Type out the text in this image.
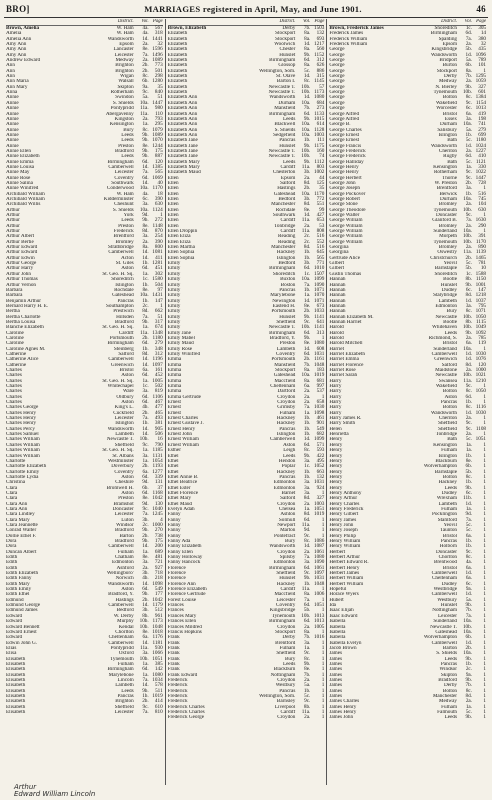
BRO]	MARRIAGES registered in April, May, and June 1901.	46
District.	Vol. Page
Brown, Amelia	W. Ham	4a.	567
Amelia	W. Ham	4a.	318
Amelia Ann	Wandsworth	1d. 1441
Amy Ann	Epsom	2a.	32
Amy Ann	Lancaster	8e. 1596
Amy Ann	Leicester	7a. 1496
Andrew Edward	Medway	2a. 1089
Ann	Brighton	2b.	773
Ann	Brighton	2b.	501
Ann	Wigan	8c.	298
Ann Maria	Walsall	6b. 1280
Ann Mary	Skipton	9a.	35
Anna	Rotherham	9c.	840
Annie	Swindon	5a.	51
Annie	S. Shields	10a. 1447
Annie	Pontypridd	11a.	980
Annie	Abergavenny	11a.	110
Annie	Kingston	2a.	793
Annie	Kensington	1a.	295
Annie	Bury	8c. 1079
Annie	Leeds	9b. 1089
Annie	Leeds	9b. 1070
Annie	Preston	8e. 1244
Annie Ellen	Bradford	9b.	175
Annie Elizabeth	Leeds	9b.	887
Annie Emma	Birmingham	6d.	120
Annie Louisa	Camberwell	1d. 1385
Annie May	Leicester	7a.	565
Annie Rose	Coventry	6d. 1069
Annie Salina	Southwark	1d.	40
Annie Winifred	Conderwood	10a. 1170
Archibald William	W. Ham	4a.	18
Archibald William	Kidderminster	6c.	390
Archibald Willis	Cheshunt	3a.	630
Arthur	S. Shields	10a. 1124
Arthur	York	9d.	1
Arthur	Leeds	9b.	272
Arthur	Preston	8e. 1148
Arthur	Frederick	8d.	870
Arthur Albert	Brentford	3a.	254
Arthur Bertie	Bromley	2a.	390
Arthur Edward	Strathbridge	8a.	800
Arthur Edward	Camberwell	1d. 1081
Arthur Edwin	Acton	1d.	411
Arthur George	St. Giles	1b. 1281
Arthur Harry	Aston	6d.	451
Arthur John	St. Geo. H. Sq.	1a.	302
Arthur Thomas	Shoreditch	1c. 1580
Arthur Vernon	Islington	1b.	504
Barbara	Rochdale	8e.	97
Barbara	Gateshead	10a. 1431
Benjamin Arthur	Pancras	1b.	147
Bernard Harry H. E.	Southampton	2c.	1
Bertha	Prestwich	8d.	662
Bertha Charlotte	Hillsden	7a.	51
Bertha Louisa	Bradford	9b.	317
Blanche Elizabeth	St. Geo. H. Sq.	1a.	674
Caroline	Cardiff	11a. 1348
Caroline	Portsmouth	2b. 1180
Caroline	Birmingham	6d.	279
Caroline Agnes M.	Steinberg	1b.	348
Catherine	Salford	8d.	312
Catherine Alice	Camberwell	1d. 1196
Catherine	Greenwich	1d. 1097
Charles	Bristol	6a.	161
Charles	Aston	6d.	452
Charles	St. Geo. H. Sq.	1a. 1005
Charles	Whitechapel	1c.	502
Charles	Ware	3a.	819
Charles	Oldbury	6d. 1106
Charles	Aston	6d.	467
Charles George	King's L.	4b.	477
Charles Henry	Cuckfield	2b.	465
Charles Henry	Leicester	7a.	493
Charles Henry	Islington	1b.	381
Charles Percy	Wandsworth	1d.	905
Charles Samuel	Lambeth	1d.	506
Charles William	Newcastle T.	10b.	16
Charles William	Sheffield	9c.	790
Charles William	St. Geo. H. Sq.	1a. 1185
Charles William	St. Albans	3a. 1131
Charlotte	Westminster	1a. 1054
Charlotte Elizabeth	Doverbury	2b. 1193
Charlotte Emily	Coventry	6a. 1277
Charlotte Lydia	Aston	6d.	339
Christina	Cheshire	9d.	131
Clara	Bromwell H.	6b.	37
Clara	Aston	6d. 1168
Clara	Preston	8e. 1042
Clara Ann	Bramshot	9d.	130
Clara Ann	Doncaster	9c. 1040
Clara Lindley	Leicester	7a. 1245
Clara Mary	Luton	3b.	4
Clara Jeannette	Windsor	2c. 1000
Conrad Walter	Bradford	9b.	270
Dollie Ethel F.	Barton	2b.	738
Dora	Bradford	9b.	175
Dora	Camberwell	1d.	200
Duncan Albert	Fulham	1a.	689
Edith	Chatham	8e.	481
Edith	Edmonton	3a.	721
Edith	Ashford	2a.	927
Edith Elizabeth	Wellingboro'	3b.	718
Edith Fanny	Norwich	4b.	218
Edith Mary	Wandsworth	1d. 1098
Edith Emily	Aston	6d.	549
Edith Ethel	Bradford, Y.	9b.	177
Edmund	Hastings	2b. 1042
Edmund George	Camberwell	1d. 1179
Edmund James	Bedford	3b.	512
Edward	W. Derby	8b.	961
Edward	Murphy	10b. 1173
Edward Bennett	Kendal	10b. 1048
Edward Ernest	Chorlton	8e. 1018
Edward	Cheltenham	6a. 1176
Edwin John G.	Camberwell	1d. 1181
Elias	Pontypridd	11a.	930
Elisa	Oxford	3a. 1066
Elisabeth	Tynemouth	10b. 1051
Elisabeth	Fulham	1a.	385
Elisabeth	Birmingham	6d.	142
Elisabeth	Marylebone	1a. 1080
Elisabeth	Lincoln	7a. 1034
Elisabeth	Lambeth	1d.	578
Elisabeth	Leeds	9b.	511
Elisabeth	Pancras	1b. 1019
Elisabeth	Brighton	2b.	414
Elisabeth	Sheffield	9c.	610
Elisabeth	Leicester	7a.	810
District.	Vol. Page
Brown, Elizabeth	Derby	7b. 1503
Elizabeth	Stockport	8a.	132
Elizabeth	Stockport	8a.	693
Elizabeth	Woolwich	1d. 1217
Elizabeth	Chester	8a.	560
Elizabeth	Hunslet	9b. 1152
Elizabeth	Birmingham	6d.	312
Elizabeth	Glossop	8a.	626
Elizabeth	Wellington, Som.	5c.	886
Elizabeth	St. Olave	1d.	315
Elizabeth	Barton I.	8c. 1145
Elizabeth	Newcastle T.	10b.	57
Elizabeth	Newcastle T.	10b. 1173
Elizabeth Ann	Wandsworth	1d. 1080
Elizabeth Ann	Durham	10a.	684
Elizabeth Ann	Mansfield	7b.	273
Elizabeth Ann	Birmingham	6d. 1133
Elizabeth Ann	Leeds	9b. 1015
Elizabeth Ann	Blackwell	10a.	614
Elizabeth Ann	S. Shields	10a. 1128
Elizabeth Ann	Sedgefield	10a. 1003
Elizabeth Jane	Pancras	1b.	111
Elizabeth Jane	Hunslet	9b. 1175
Elizabeth Jane	Newcastle T.	10b.	160
Elizabeth Jane	Newcastle T.	10b.	74
Elizabeth Mary	Leeds	9b. 1112
Elizabeth Mary	Cardiff	11a.	803
Elizabeth Maud	Chesterton	3b. 1002
Ellen	Epsom	2a.	44
Ellen	Salford	8d.	125
Ellen	Hastings	2b.	35
Ellen	Gateshead	10a. 1170
Ellen	Bedford	3b.	772
Ellen	Manchester	8d.	551
Ellen	Rochdale	8e.	99
Ellen	Southwark	1d.	427
Ellen	Cardiff	11a.	653
Ellen	Tonbridge	2a.	53
Ellen Droppin	Cardiff	11a.	808
Ellen Eliza	Reading	2c.	516
Ellen Eliza	Reading	2c.	552
Ellen Martha	Manchester	8d.	516
Ellen Sophia	Hackney	1b.	645
Ellen Sophia	Islington	1b.	565
Emily	Bedford	3b.	771
Emily	Birmingham	6d. 1010
Emily	Shoreditch	1c. 1507
Emily	Buxton	10a. 1099
Emily	Boston	7a. 1090
Emily	Pancras	1b. 1071
Emily	Marylebone	1a. 1070
Emily	Newington	1d. 1071
Emily	Eastend H.	8e.	673
Emily	Portsmouth	2b. 1033
Emily	Hunslet	9b. 1141
Emily	Sheffield	9c.	641
Emily	Newcastle T.	10b. 1141
Emily Jane	Birmingham	6d.	313
Emily Mabel	Bradford, Y.	9b.	1
Emily Maud	Preston	8e. 1080
Emily Rose	Lambeth	1d.	608
Emily Winifred	Coventry	6d. 1031
Emma	Portsmouth	2b. 1161
Emma	Mansfield	7b. 1048
Emma	Stockport	8a.	183
Emma	Gateshead	10a. 1019
Emma	Maccfield	8a.	681
Emma	Cheltenham	6a.	997
Emma	Dartford	2a.	537
Emma Gertrude	Croydon	2a.	1
Ernest	Croydon	2a.	658
Ernest	Grimsby	7a. 1030
Ernest	Fulham	1a. 1098
Ernest Charles	Hackney	1b.	461
Ernest Gustave J.	Hackney	1b.	901
Ernest Henry	Pancras	1b.	549
Ernest John	Islington	1b.	682
Ernest William	Camberwell	1d. 1099
Ernest William	Aston	6d.	571
Esther	Leigh	8c.	593
Ethel	Leeds	9b.	422
Ethel	Hendon	3a.	495
Ethel	Poplar	1c. 1052
Ethel	Hackney	1b.	663
Ethel Annie B.	Pancras	1b.	132
Ethel Beatrice	Edmonton	3a. 1031
Ethel Ester	Edmonton	3a.	924
Ethel Florence	Barnet	3a.	1
Ethel Mary	Salford	8d.	327
Ethel Maud	Croydon	2a. 1003
Evelyn Adah	Chelsea	1a. 1051
Fanny	Ashton	8d. 1019
Fanny	Solihull	6d.	1
Fanny	Newport	11a.	1
Fanny	Marton	9d.	1
Fanny	Pontefract	9c.	1
Fanny Ada	Bury	8c. 1086
Fanny Elizabeth	Wandsworth	1d. 1087
Fanny Ellen	Croydon	2a. 1061
Fanny Holloway	Spilsby	7a. 1080
Fanny Hancock	Edmonton	3a. 1090
Florence	Birmingham	6d. 1061
Florence	Sheffield	9c. 1097
Florence	Hunslet	9b. 1031
Florence Ann	Hackney	1b. 1048
Florence Elizabeth	Cardiff	11a.	1
Florence Gertrude	Maccfield	8a. 1006
Forest Louise	Leicester	7a.	1
Frances	Coventry	6d. 1051
Frances	Kingsbridge	5b.	1
Frances Mary	Tynemouth	10b. 1013
Frances Ellen	Birmingham	6d. 1013
Frances Mildred	Croydon	2a. 1005
Francis Hopkins	Stockport	8a.	1
Frank	Derby	7b. 1016
Frank	Brentford	3a.	1
Frank	Fulham	1a.	1
Frank	Sheffield	9c.	1
Frank	Bury	8c.	1
Frank	Leeds	9b.	1
Frank	Blackburn	8e.	1
Frank Edward	Nottingham	7b.	1
Frederick	Croydon	2a.	1
Frederick	Westbury	5a.	1
Frederick	Pancras	1b.	1
Frederick	Wellington, Som.	5c.	1
Frederick	Barnsley	9c.	1
Frederick Charles	Liverpool	8b.	1
Frederick Charles	Cardiff	11a.	1
Frederick George	Croydon	2a.	1
District.	Vol. Page
Brown, Frederick James	Shoreditch	1c.	305
Frederick James	Birmingham	6d.	14
Frederick William	Spalding	7a.	380
Frederick William	Epsom	2a.	32
George	Kingsbridge	5b.	435
George	Wandsworth	1d. 1096
George	Bridport	5a.	789
George	Burton	6b.	101
George	Stockport	8a.	1
George	Derby	7b. 1295
George	Medway	2a. 1059
George	N. Bierley	9b.	327
George	Tynemouth	10b.	601
George	Bolton	8c. 1384
George	Wakefield	9c. 1154
George	Worcester	6c. 1013
George Alfred	Bristol	6a.	419
George Alfred	Essex	3a.	198
George B.	Durham	10a.	741
George Charles	Salisbury	5a.	279
George Ernest	Islington	1b.	699
George Ernest	Bath	5c. 1180
George Francis	Wandsworth	1d. 1024
George Frederick	Cheriton	2a. 1227
George Frederick	Rugby	6d.	410
George Halliday	Bath	5c. 1121
George Henry	Kensington	1a.	330
George Henry	Rotherham	9c. 1022
George Herbert	Thorne	9c. 1447
George John	W. Preston	2b.	728
George Joseph	Brentford	3a.	1
George Pockover	Berwick	1b.	516
George Robert	Durham	10a.	745
George Stone	Bromley	2a.	104
George Theodore	Tynemouth	10b.	630
George Walter	Doncaster	9c.	1
George William	Glanford B.	7a. 1630
George William	Bromley	2a.	290
George William	Sunderland	10a.	1
George William	Morpeth	10b.	391
George William	Tynemouth	10b. 1170
Georgina	Bromley	2a.	890
Georgina	Oswestry	11a. 1139
Gertrude Alice	Christchurch	2b. 1465
Gilbert	Yeovil	5c.	781
Gilbert	Barnstaple	5b.	10
Gustin Thomas	Shoreditch	1c. 1588
Hannah	Bootle	8b. 1150
Hannah	Hunslet	9b. 1001
Hannah	Dudley	6c.	147
Hannah	Stalybridge	8d. 1218
Hannah	Lambeth	1d. 1037
Hannah	Edmonton	3a.	795
Hannah	Bury	8c. 1071
Hannah Elizabeth M.	Newcastle	10b. 1050
Hannah Harriet	Bootle	8b. 1115
Harold	Whitehaven	10b. 1049
Harold	Leeds	9b. 1092
Harold	Richmond, S.	2a.	785
Harold Mitchell	Bristol	6a.	119
Harriet	Sunderland	10a.	1
Harriet Elizabeth	Camberwell	1d. 1030
Harriet Emma	Greenwich	1d. 1076
Harriet Florence	Salford	8d.	120
Harriet Rose	Maidstone	2a. 1000
Harriet Sarah	Newcastle	10b. 1021
Harry	Swansea	11a. 1210
Harry	Wakefield	9c.	1
Harry	Bolton	8c. 1050
Harry	Aston	6d.	1
Harry	Pancras	1b.	1
Harry	Bolton	8c. 1116
Harry	Wandsworth	1d. 1030
Harry James R.	Cheriton	2a.	1
Harry Smith	Sheffield	9c.	1
Helen	Sheffield	9c. 1108
Henrietta	Tonbridge	2a.	1
Henry	Bath	5c. 1051
Henry	Kensington	1a.	1
Henry	Fulham	1a.	1
Henry	Islington	1b.	1
Henry	Blackburn	8e.	1
Henry	Wolverhampton	6b.	1
Henry	Barnstaple	5b.	1
Henry	Bolton	8c.	1
Henry	Hackney	1b.	1
Henry	Leeds	9b.	1
Henry Anthony	Dudley	6c.	1
Henry Arthur	Wrexham	11b.	1
Henry Charles	Lambeth	1d.	1
Henry Frederick	Fulham	1a.	1
Henry Gilbert	Pocklington	9d.	1
Henry James	Stamford	7a.	1
Henry John	Yeovil	5c.	1
Henry Joseph	Taunton	5c.	1
Henry Philip	Bristol	6a.	1
Henry William	Pancras	1b.	1
Henry William	Holborn	1b.	1
Herbert	Doncaster	9c.	1
Herbert Arthur	Chorlton	8c.	1
Herbert Edward R.	Brentwood	4a.	1
Herbert Henry	Bristol	6a.	1
Herbert James	Camberwell	1d.	1
Herbert William	Cheltenham	6a.	1
Herbert William	Dudley	6c.	1
Hopeful	Westbridge	9a.	1
Horace Wyers	Camberwell	1d.	1
Hubert	Westbury	5a.	1
Ida	Hunslet	9b.	1
Isaac Elijah	Nottingham	7b.	1
Isaac Edward	Leicester	7a.	1
Isabella	Sunderland	10a.	1
Isabella	Newcastle T.	10b.	1
Isabella	Gateshead	10a.	1
Isabella	Wolverhampton	6b.	1
Isabella Evelyn	Camberwell	1d.	1
Jacob Brown	Barton	2b.	1
James	S. Shields	10a.	1
James	Leeds	9b.	1
James	Pancras	1b.	1
James	Windsor	2c.	1
James	Skipton	9a.	1
James	Bradford	9b.	1
James	Derby	7b.	1
James	Bolton	8c.	1
James	Manchester	8d.	1
James Charles	Medway	2a.	1
James Henry	Fulham	1a.	1
James Henry	Falmouth	5c.	1
James John	Leeds	9b.	1
Arthur
Edward William Lincoln
